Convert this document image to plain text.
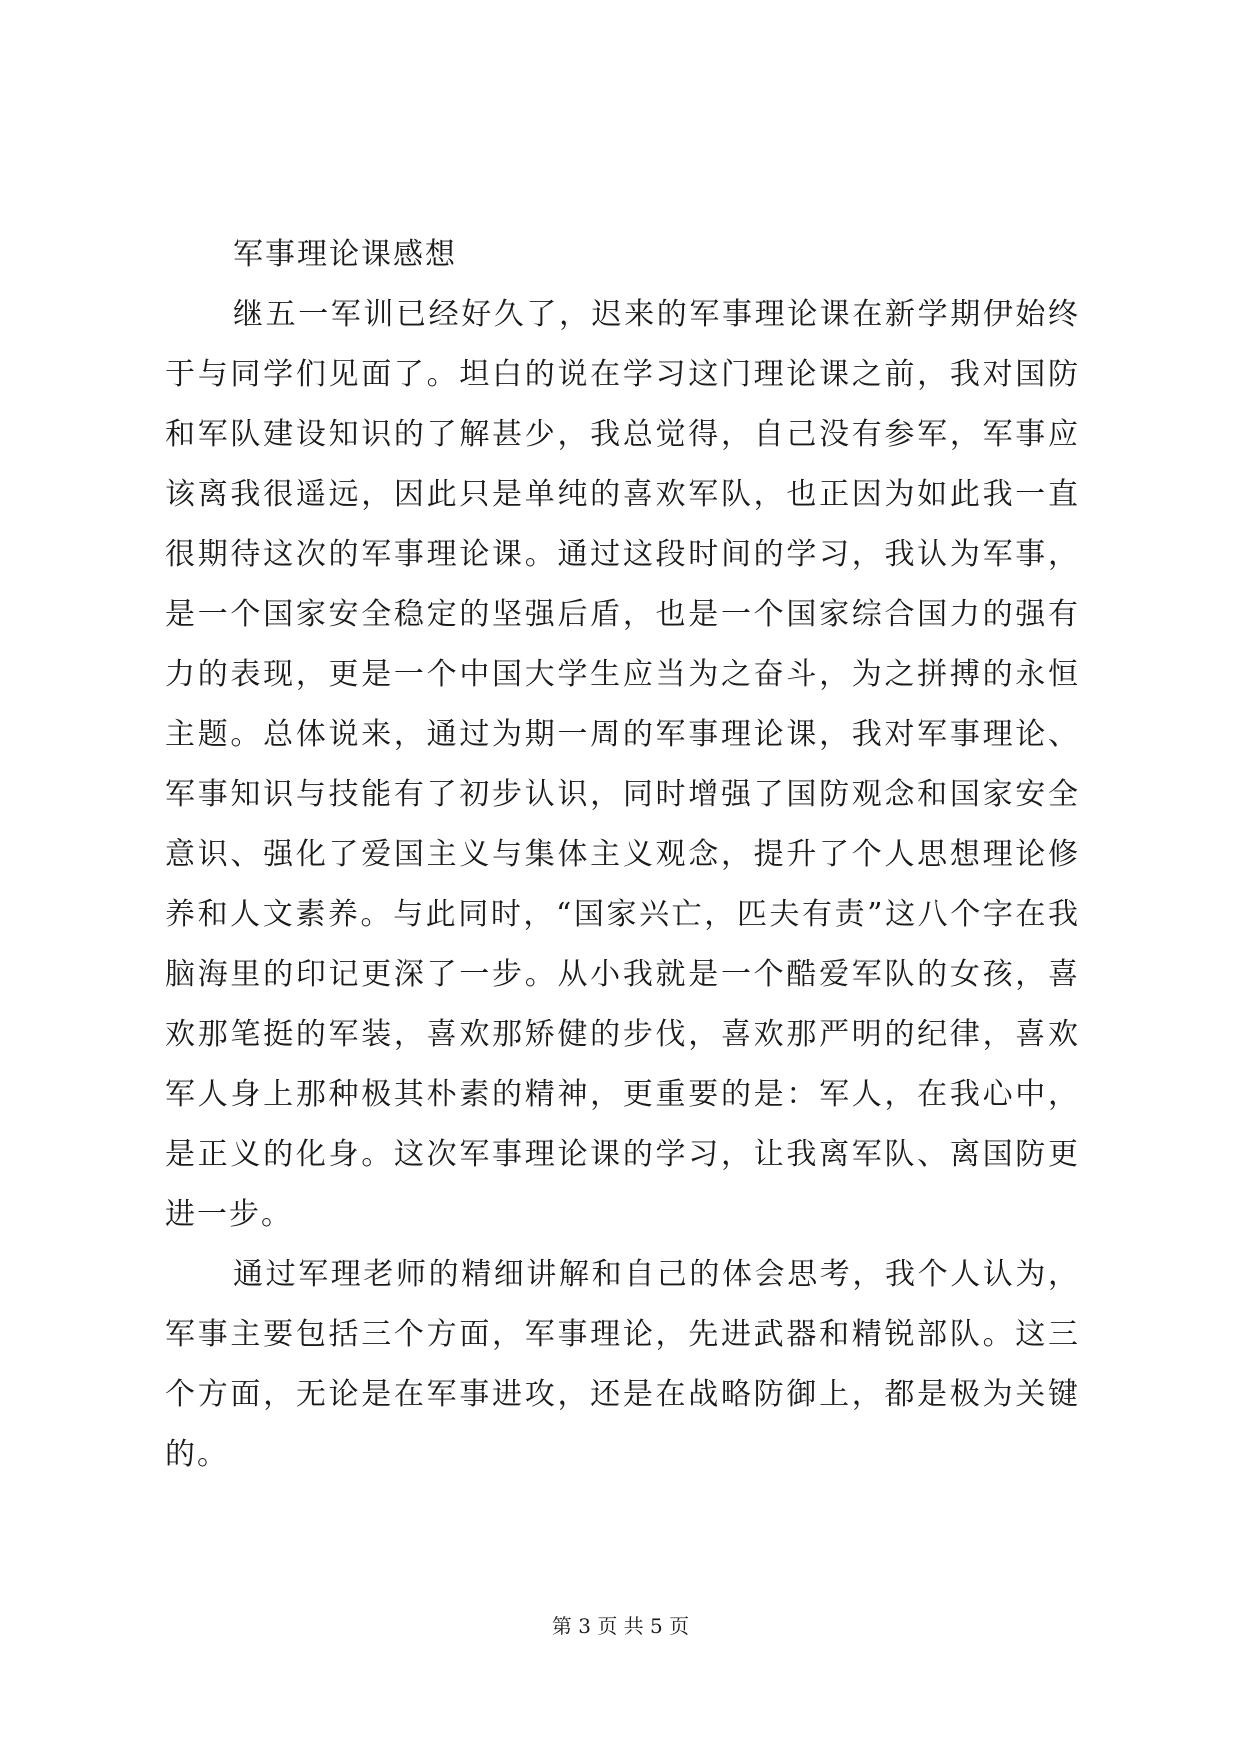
军事理论课感想

继五一军训已经好久了，迟来的军事理论课在新学期伊始终于与同学们见面了。坦白的说在学习这门理论课之前，我对国防和军队建设知识的了解甚少，我总觉得，自己没有参军，军事应该离我很遥远，因此只是单纯的喜欢军队，也正因为如此我一直很期待这次的军事理论课。通过这段时间的学习，我认为军事，是一个国家安全稳定的坚强后盾，也是一个国家综合国力的强有力的表现，更是一个中国大学生应当为之奋斗，为之拼搏的永恒主题。总体说来，通过为期一周的军事理论课，我对军事理论、军事知识与技能有了初步认识，同时增强了国防观念和国家安全意识、强化了爱国主义与集体主义观念，提升了个人思想理论修养和人文素养。与此同时，“国家兴亡，匹夫有责”这八个字在我脑海里的印记更深了一步。从小我就是一个酷爱军队的女孩，喜欢那笔挺的军装，喜欢那矫健的步伐，喜欢那严明的纪律，喜欢军人身上那种极其朴素的精神，更重要的是：军人，在我心中，是正义的化身。这次军事理论课的学习，让我离军队、离国防更进一步。

通过军理老师的精细讲解和自己的体会思考，我个人认为，军事主要包括三个方面，军事理论，先进武器和精锐部队。这三个方面，无论是在军事进攻，还是在战略防御上，都是极为关键的。

第 3 页 共 5 页
